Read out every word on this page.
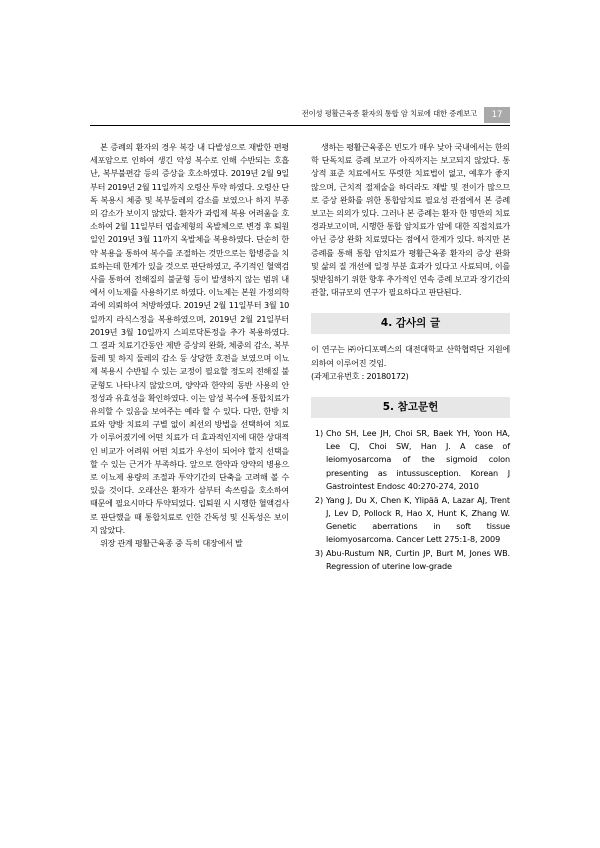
전이성 평활근육종 환자의 통합 암 치료에 대한 증례보고	17

본 증례의 환자의 경우 복강 내 다발성으로 재발한 편평세포암으로 인하여 생긴 악성 복수로 인해 수반되는 호흡난, 복부불편감 등의 증상을 호소하였다. 2019년 2월 9일부터 2019년 2월 11일까지 오령산 투약 하였다. 오령산 단독 복용시 체중 및 복부둘레의 감소를 보였으나 하지 부종의 감소가 보이지 않았다. 환자가 과립제 복용 어려움을 호소하여 2월 11일부터 엽솔제형의 옥발체으로 변경 후 퇴원일인 2019년 3월 11까지 옥발체을 복용하였다. 단순히 한약 복용을 통하여 복수를 조절하는 것만으로는 합병증을 치료하는데 한계가 있을 것으로 판단하였고, 주기적인 혈액검사를 통하여 전해질의 불균형 등이 발생하지 않는 범위 내에서 이뇨제를 사용하기로 하였다. 이뇨제는 본원 가정의학과에 의뢰하여 처방하였다. 2019년 2월 11일부터 3월 10일까지 라식스정을 복용하였으며, 2019년 2월 21일부터 2019년 3월 10일까지 스피로닥톤정을 추가 복용하였다. 그 결과 치료기간동안 제반 증상의 완화, 체중의 감소, 복부둘레 및 하지 둘레의 감소 등 상당한 호전을 보였으며 이뇨제 복용시 수반될 수 있는 교정이 필요할 정도의 전해질 불균형도 나타나지 않았으며, 양약과 한약의 동반 사용의 안정성과 유효성을 확인하였다. 이는 암성 복수에 통합치료가 유의할 수 있음을 보여주는 예라 할 수 있다. 다만, 한방 치료와 양방 치료의 구별 없이 최선의 방법을 선택하여 치료가 이루어졌기에 어떤 치료가 더 효과적인지에 대한 상대적인 비교가 어려워 어떤 치료가 우선이 되어야 할지 선택을 할 수 있는 근거가 부족하다. 앞으로 한약과 양약의 병용으로 이뇨제 용량의 조절과 투약기간의 단축을 고려해 볼 수 있을 것이다. 오래산은 환자가 삼부터 속쓰림을 호소하여 때문에 필요시마다 투약되었다. 입퇴원 시 시행한 혈액검사로 판단했을 때 통합치료로 인한 간독성 및 신독성은 보이지 않았다.

위장 관계 평활근육종 중 득히 대장에서 발

생하는 평활근육종은 빈도가 매우 낮아 국내에서는 한의학 단독치료 증례 보고가 아직까지는 보고되지 않았다. 통상적 표준 치료에서도 뚜렷한 치료법이 없고, 예후가 좋지 않으며, 근치적 절제술을 하더라도 재발 및 전이가 많으므로 증상 완화를 위한 통합암치료 필요성 관점에서 본 증례보고는 의의가 있다. 그러나 본 증례는 환자 한 명만의 치료 경과보고이며, 시행한 통합 암치료가 암에 대한 직접치료가 아닌 증상 완화 치료였다는 점에서 한계가 있다. 하지만 본 증례를 통해 통합 암치료가 평활근육종 환자의 증상 완화 및 삶의 질 개선에 일정 부분 효과가 있다고 사료되며, 이를 뒷받침하기 위한 향후 추가적인 연속 증례 보고과 장기간의 관찰, 대규모의 연구가 필요하다고 판단된다.

4. 감사의 글

이 연구는 ㈜아디포펙스의 대전대학교 산학협력단 지원에 의하여 이루어진 것임.

(과제고유번호 : 20180172)

5. 참고문헌
1) Cho SH, Lee JH, Choi SR, Baek YH, Yoon HA, Lee CJ, Choi SW, Han J. A case of leiomyosarcoma of the sigmoid colon presenting as intussusception. Korean J Gastrointest Endosc 40:270-274, 2010
2) Yang J, Du X, Chen K, Ylipää A, Lazar AJ, Trent J, Lev D, Pollock R, Hao X, Hunt K, Zhang W. Genetic aberrations in soft tissue leiomyosarcoma. Cancer Lett 275:1-8, 2009
3) Abu-Rustum NR, Curtin JP, Burt M, Jones WB. Regression of uterine low-grade
